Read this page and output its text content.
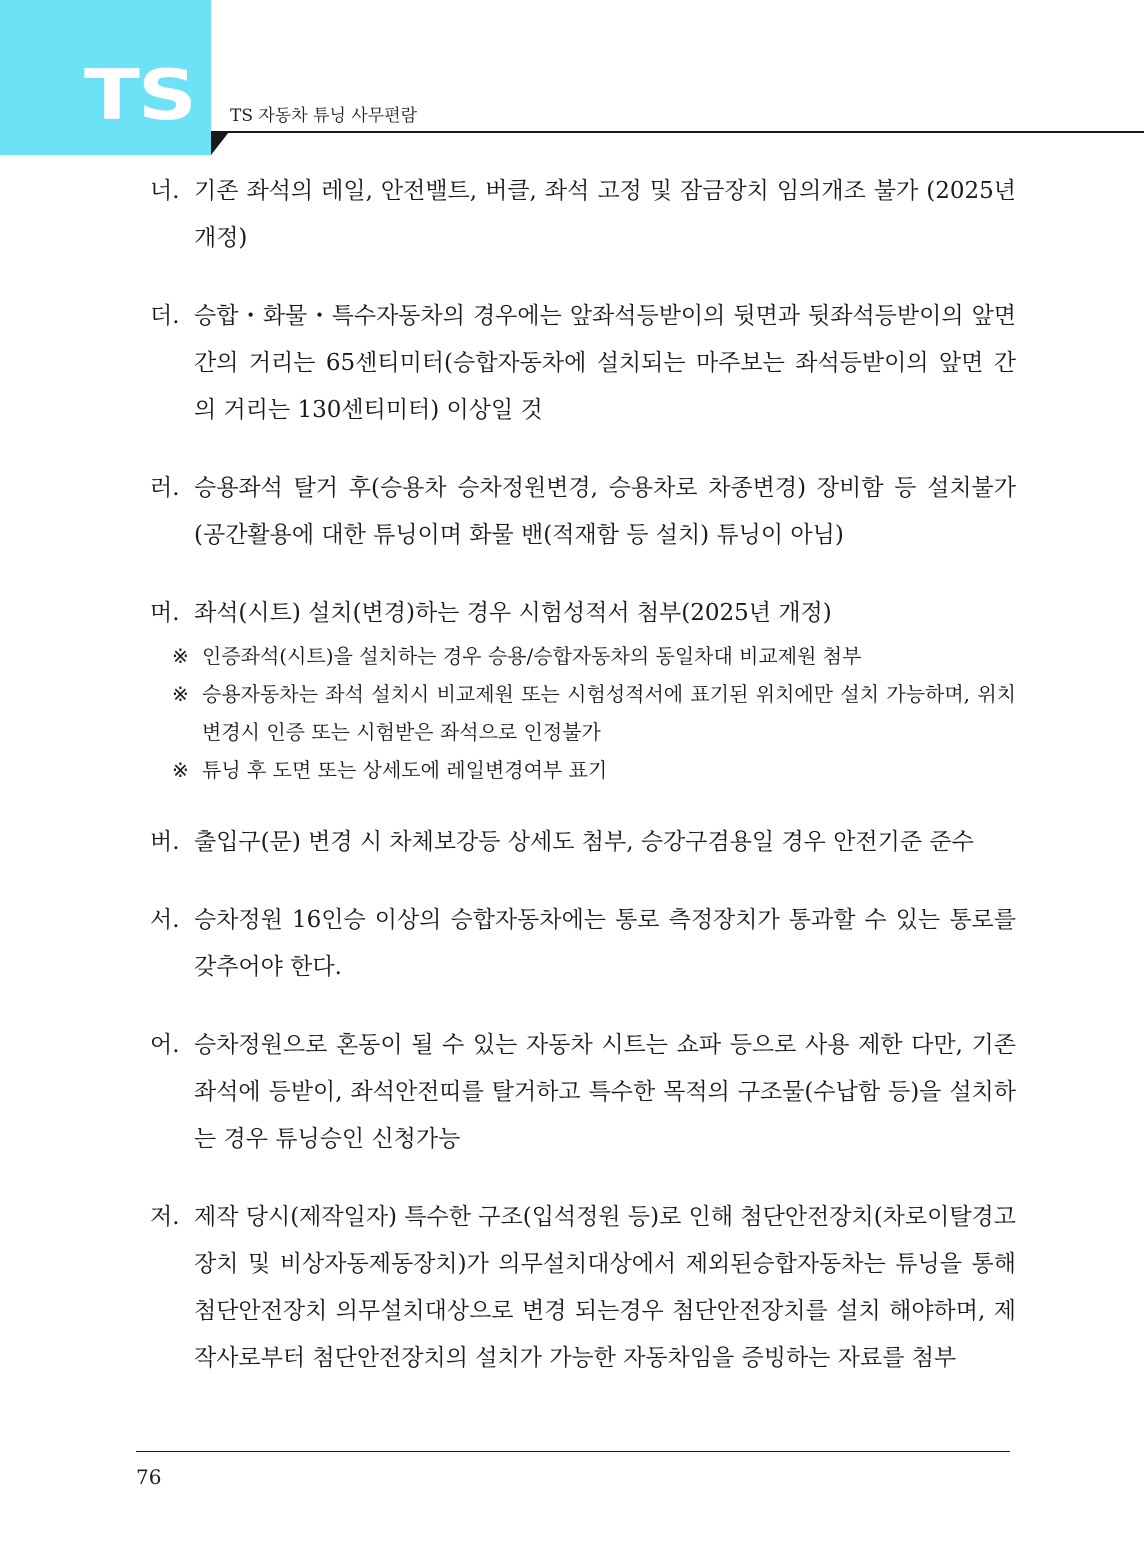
TS TS 자동차 튜닝 사무편람
너. 기존 좌석의 레일, 안전밸트, 버클, 좌석 고정 및 잠금장치 임의개조 불가 (2025년 개정)
더. 승합・화물・특수자동차의 경우에는 앞좌석등받이의 뒷면과 뒷좌석등받이의 앞면간의 거리는 65센티미터(승합자동차에 설치되는 마주보는 좌석등받이의 앞면 간의 거리는 130센티미터) 이상일 것
러. 승용좌석 탈거 후(승용차 승차정원변경, 승용차로 차종변경) 장비함 등 설치불가(공간활용에 대한 튜닝이며 화물 밴(적재함 등 설치) 튜닝이 아님)
머. 좌석(시트) 설치(변경)하는 경우 시험성적서 첨부(2025년 개정)
※ 인증좌석(시트)을 설치하는 경우 승용/승합자동차의 동일차대 비교제원 첨부
※ 승용자동차는 좌석 설치시 비교제원 또는 시험성적서에 표기된 위치에만 설치 가능하며, 위치 변경시 인증 또는 시험받은 좌석으로 인정불가
※ 튜닝 후 도면 또는 상세도에 레일변경여부 표기
버. 출입구(문) 변경 시 차체보강등 상세도 첨부, 승강구겸용일 경우 안전기준 준수
서. 승차정원 16인승 이상의 승합자동차에는 통로 측정장치가 통과할 수 있는 통로를 갖추어야 한다.
어. 승차정원으로 혼동이 될 수 있는 자동차 시트는 쇼파 등으로 사용 제한 다만, 기존 좌석에 등받이, 좌석안전띠를 탈거하고 특수한 목적의 구조물(수납함 등)을 설치하는 경우 튜닝승인 신청가능
저. 제작 당시(제작일자) 특수한 구조(입석정원 등)로 인해 첨단안전장치(차로이탈경고장치 및 비상자동제동장치)가 의무설치대상에서 제외된승합자동차는 튜닝을 통해 첨단안전장치 의무설치대상으로 변경 되는경우 첨단안전장치를 설치 해야하며, 제작사로부터 첨단안전장치의 설치가 가능한 자동차임을 증빙하는 자료를 첨부
76
